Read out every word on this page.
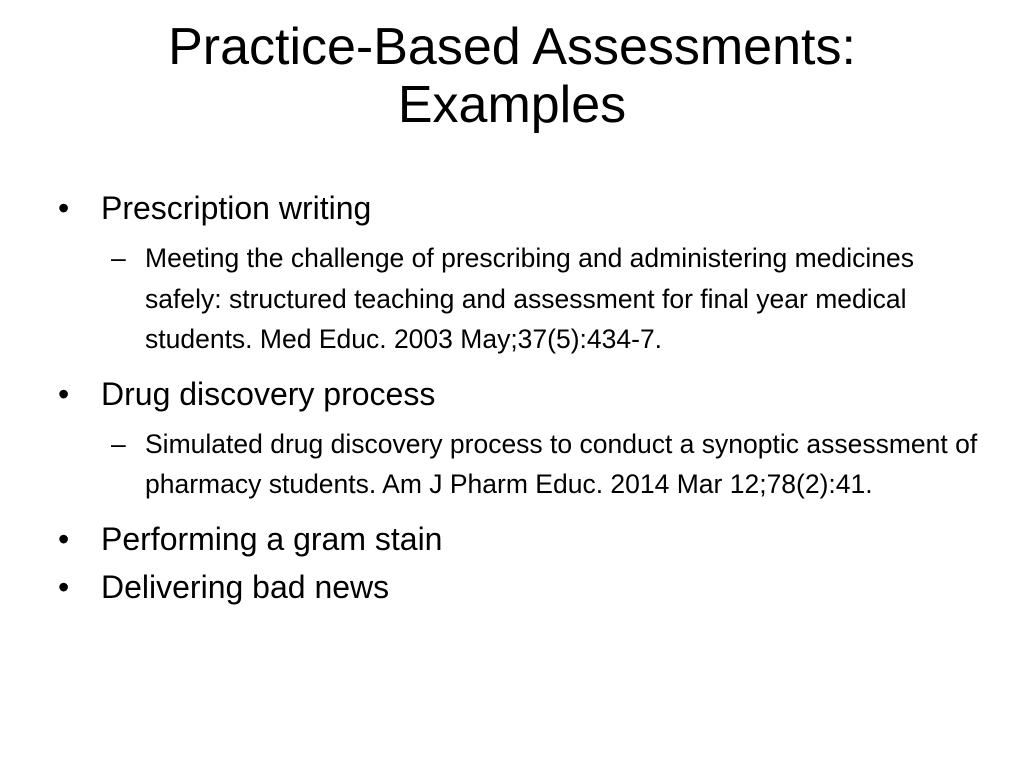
Practice-Based Assessments:
Examples
• Prescription writing
– Meeting the challenge of prescribing and administering medicines safely: structured teaching and assessment for final year medical students. Med Educ. 2003 May;37(5):434-7.
• Drug discovery process
– Simulated drug discovery process to conduct a synoptic assessment of pharmacy students. Am J Pharm Educ. 2014 Mar 12;78(2):41.
• Performing a gram stain
• Delivering bad news
